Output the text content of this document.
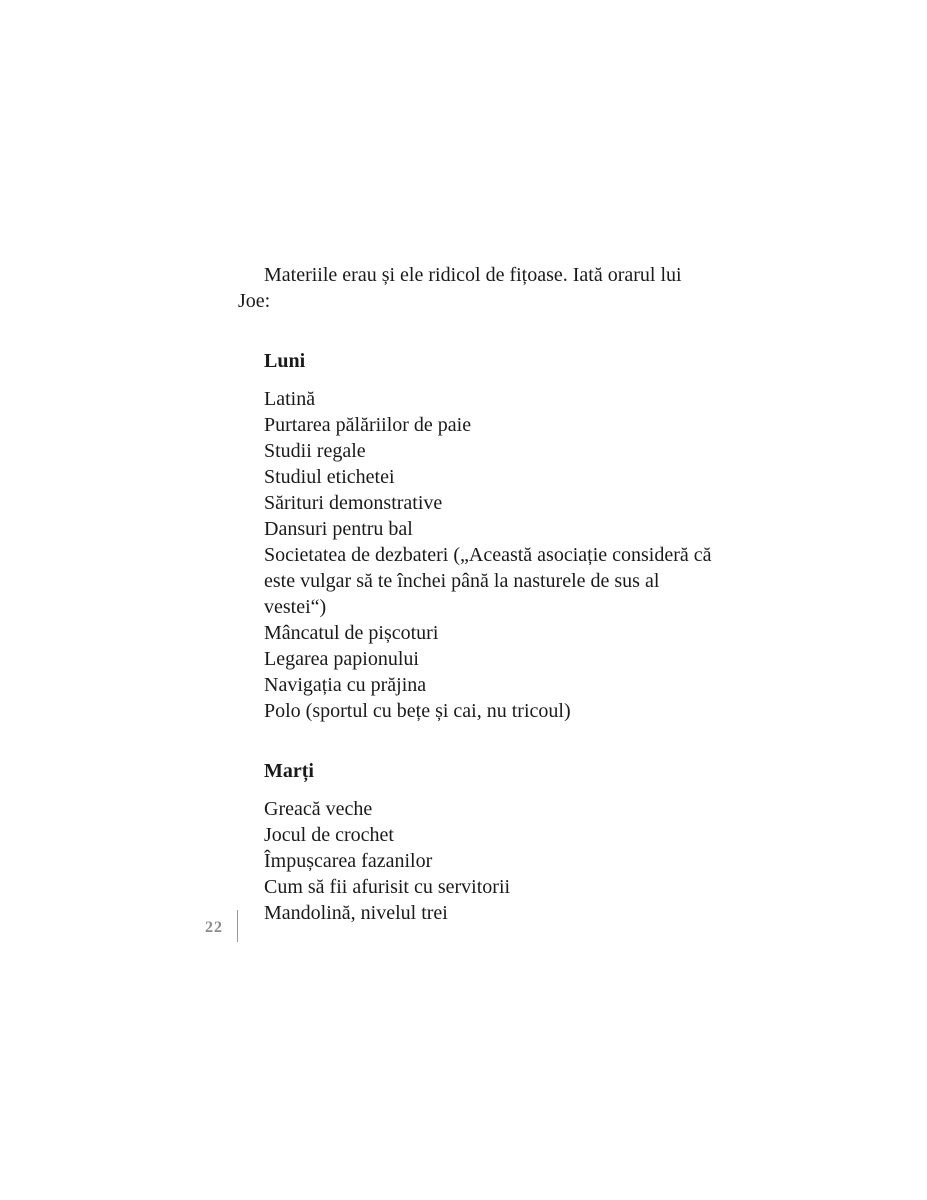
Materiile erau și ele ridicol de fițoase. Iată orarul lui Joe:

Luni
Latină
Purtarea pălăriilor de paie
Studii regale
Studiul etichetei
Sărituri demonstrative
Dansuri pentru bal
Societatea de dezbateri („Această asociație consideră că este vulgar să te închei până la nasturele de sus al vestei“)
Mâncatul de pișcoturi
Legarea papionului
Navigația cu prăjina
Polo (sportul cu bețe și cai, nu tricoul)
Marți
Greacă veche
Jocul de crochet
Împușcarea fazanilor
Cum să fii afurisit cu servitorii
Mandolină, nivelul trei
22
